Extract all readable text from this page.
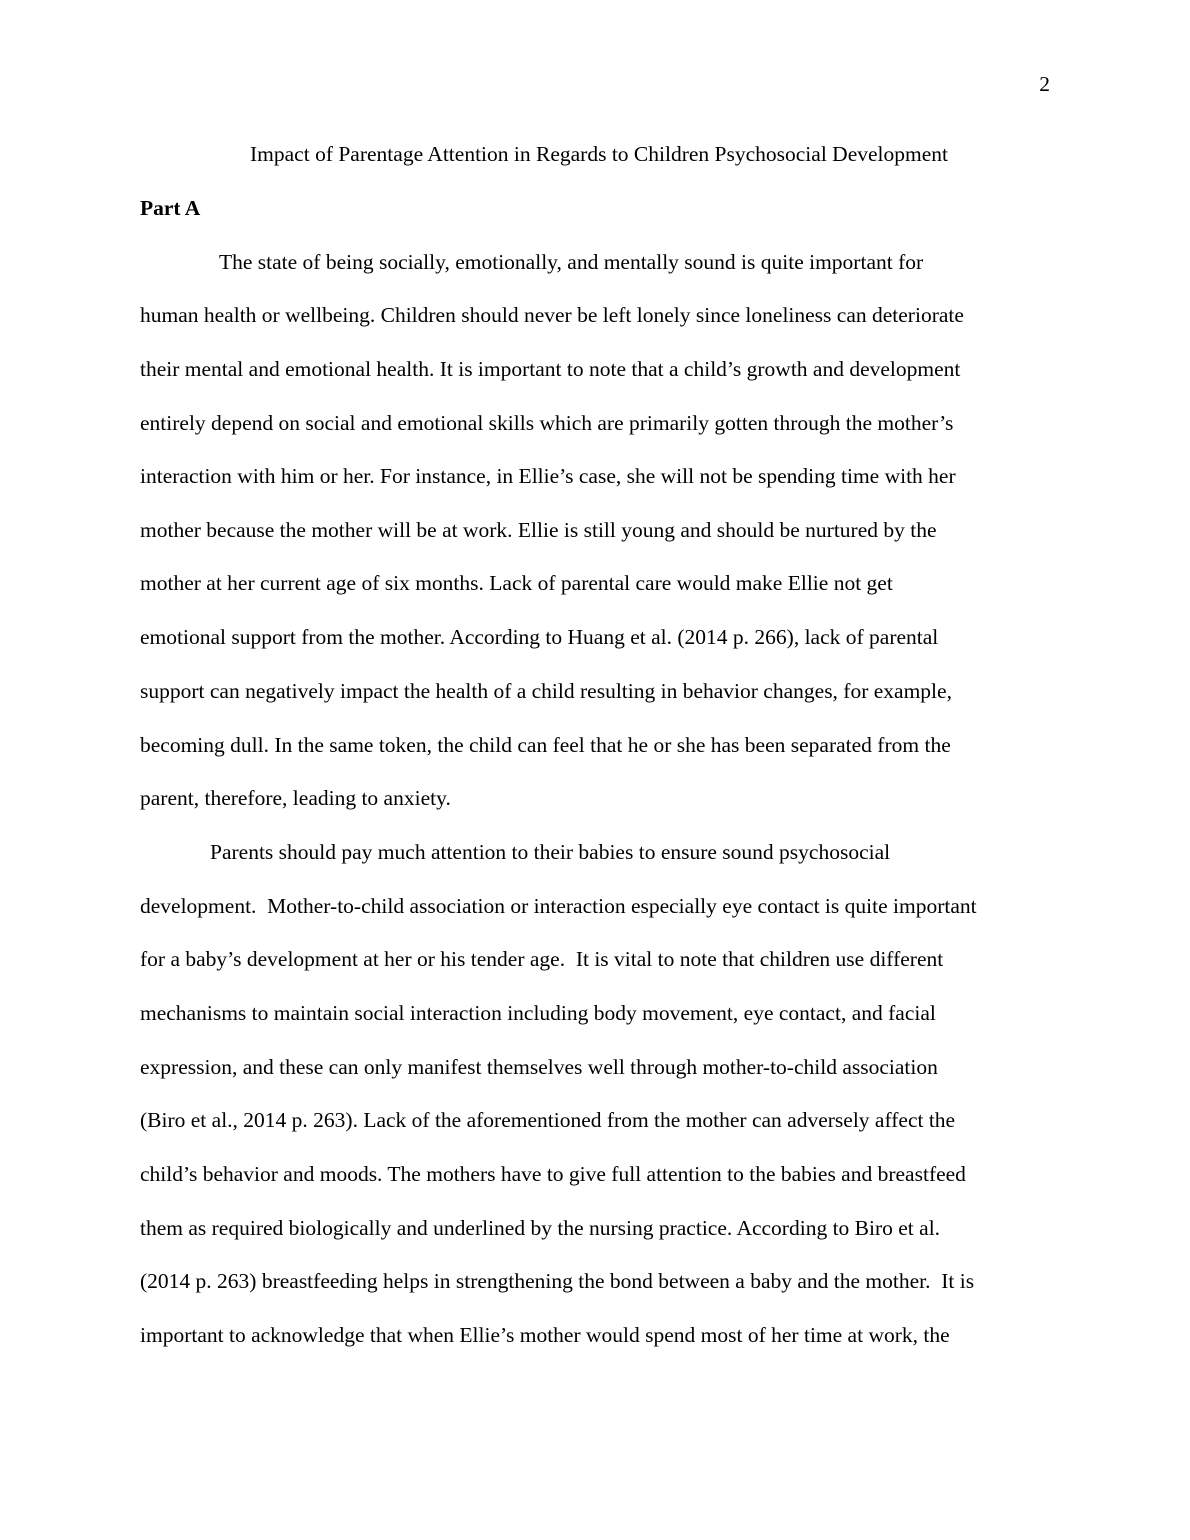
2
Impact of Parentage Attention in Regards to Children Psychosocial Development
Part A
The state of being socially, emotionally, and mentally sound is quite important for
human health or wellbeing. Children should never be left lonely since loneliness can deteriorate
their mental and emotional health. It is important to note that a child’s growth and development
entirely depend on social and emotional skills which are primarily gotten through the mother’s
interaction with him or her. For instance, in Ellie’s case, she will not be spending time with her
mother because the mother will be at work. Ellie is still young and should be nurtured by the
mother at her current age of six months. Lack of parental care would make Ellie not get
emotional support from the mother. According to Huang et al. (2014 p. 266), lack of parental
support can negatively impact the health of a child resulting in behavior changes, for example,
becoming dull. In the same token, the child can feel that he or she has been separated from the
parent, therefore, leading to anxiety.
Parents should pay much attention to their babies to ensure sound psychosocial
development.  Mother-to-child association or interaction especially eye contact is quite important
for a baby’s development at her or his tender age.  It is vital to note that children use different
mechanisms to maintain social interaction including body movement, eye contact, and facial
expression, and these can only manifest themselves well through mother-to-child association
(Biro et al., 2014 p. 263). Lack of the aforementioned from the mother can adversely affect the
child’s behavior and moods. The mothers have to give full attention to the babies and breastfeed
them as required biologically and underlined by the nursing practice. According to Biro et al.
(2014 p. 263) breastfeeding helps in strengthening the bond between a baby and the mother.  It is
important to acknowledge that when Ellie’s mother would spend most of her time at work, the
